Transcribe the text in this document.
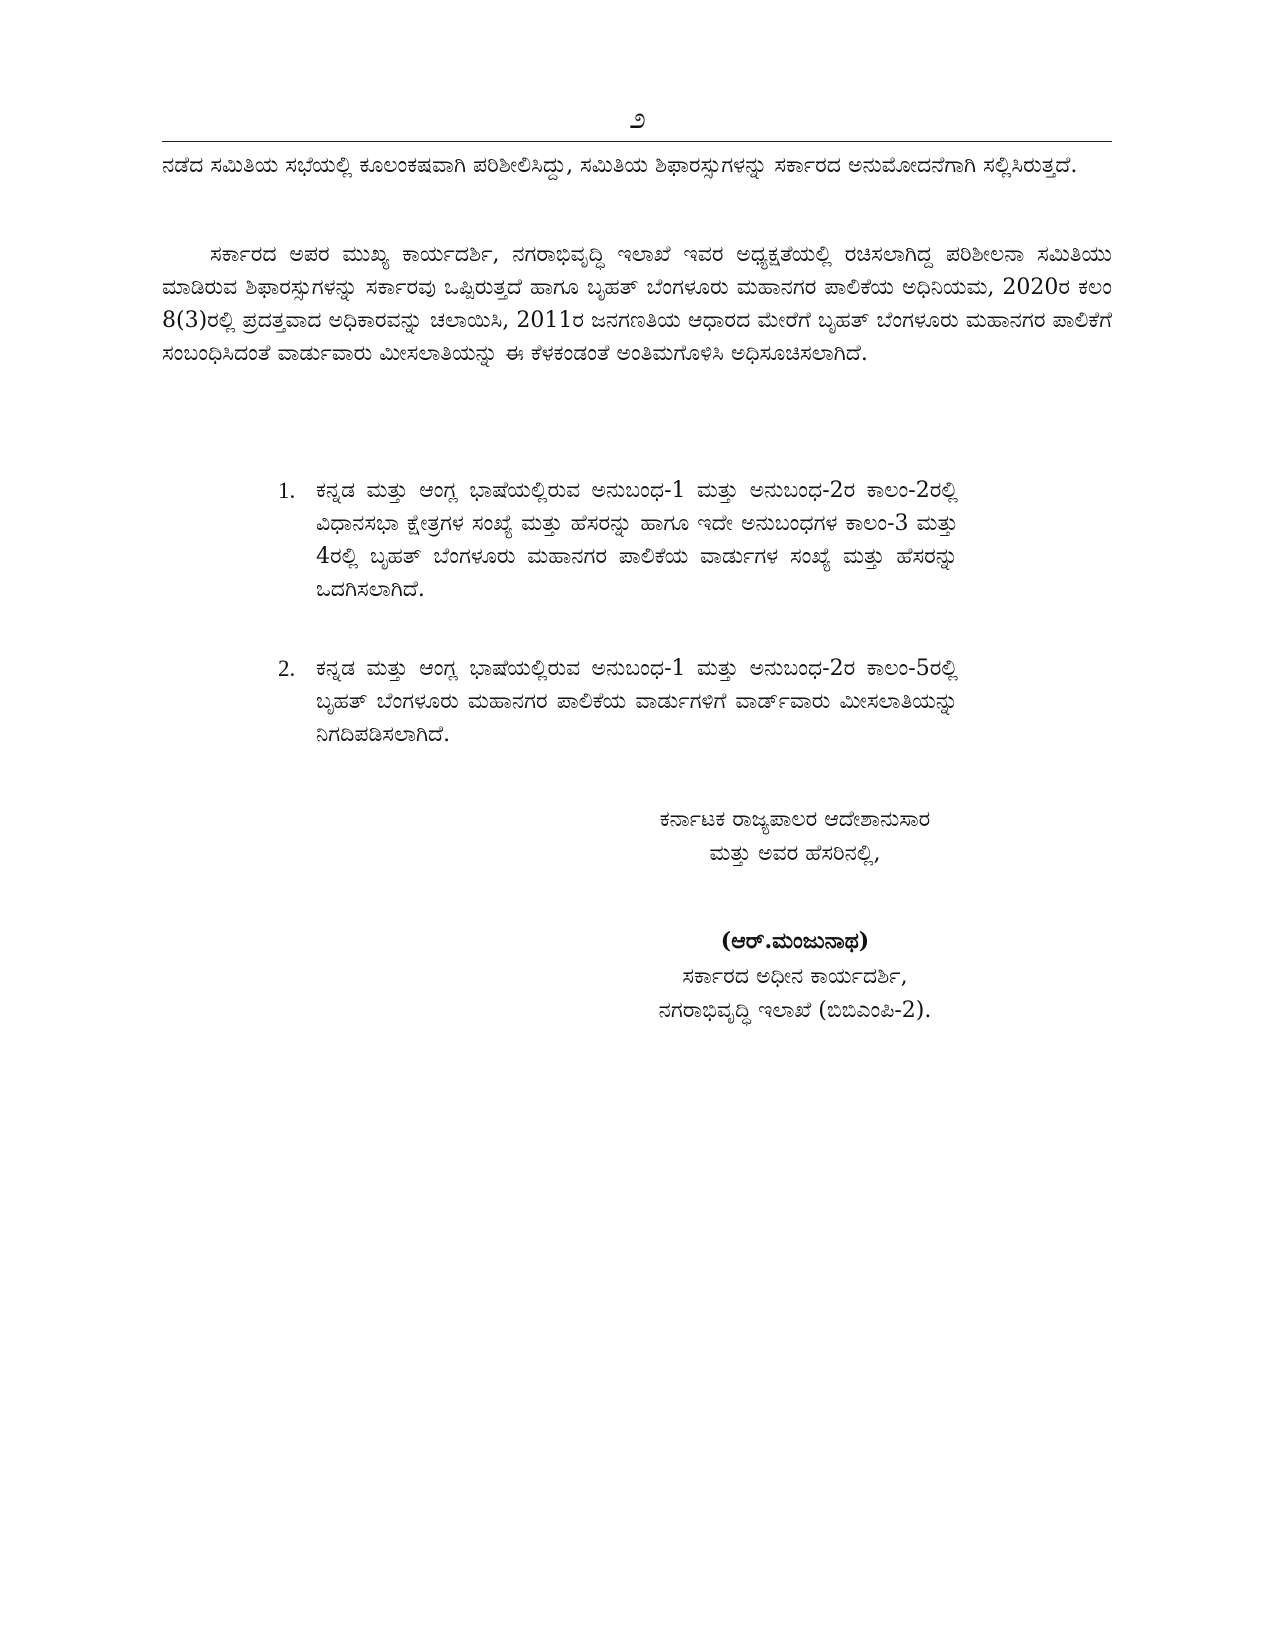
೨

ನಡೆದ ಸಮಿತಿಯ ಸಭೆಯಲ್ಲಿ ಕೂಲಂಕಷವಾಗಿ ಪರಿಶೀಲಿಸಿದ್ದು, ಸಮಿತಿಯ ಶಿಫಾರಸ್ಸುಗಳನ್ನು ಸರ್ಕಾರದ ಅನುಮೋದನೆಗಾಗಿ ಸಲ್ಲಿಸಿರುತ್ತದೆ.

ಸರ್ಕಾರದ ಅಪರ ಮುಖ್ಯ ಕಾರ್ಯದರ್ಶಿ, ನಗರಾಭಿವೃದ್ಧಿ ಇಲಾಖೆ ಇವರ ಅಧ್ಯಕ್ಷತೆಯಲ್ಲಿ ರಚಿಸಲಾಗಿದ್ದ ಪರಿಶೀಲನಾ ಸಮಿತಿಯು ಮಾಡಿರುವ ಶಿಫಾರಸ್ಸುಗಳನ್ನು ಸರ್ಕಾರವು ಒಪ್ಪಿರುತ್ತದೆ ಹಾಗೂ ಬೃಹತ್ ಬೆಂಗಳೂರು ಮಹಾನಗರ ಪಾಲಿಕೆಯ ಅಧಿನಿಯಮ, 2020ರ ಕಲಂ 8(3)ರಲ್ಲಿ ಪ್ರದತ್ತವಾದ ಅಧಿಕಾರವನ್ನು ಚಲಾಯಿಸಿ, 2011ರ ಜನಗಣತಿಯ ಆಧಾರದ ಮೇರೆಗೆ ಬೃಹತ್ ಬೆಂಗಳೂರು ಮಹಾನಗರ ಪಾಲಿಕೆಗೆ ಸಂಬಂಧಿಸಿದಂತೆ ವಾರ್ಡುವಾರು ಮೀಸಲಾತಿಯನ್ನು ಈ ಕೆಳಕಂಡಂತೆ ಅಂತಿಮಗೊಳಿಸಿ ಅಧಿಸೂಚಿಸಲಾಗಿದೆ.

1. ಕನ್ನಡ ಮತ್ತು ಆಂಗ್ಲ ಭಾಷೆಯಲ್ಲಿರುವ ಅನುಬಂಧ-1 ಮತ್ತು ಅನುಬಂಧ-2ರ ಕಾಲಂ-2ರಲ್ಲಿ ವಿಧಾನಸಭಾ ಕ್ಷೇತ್ರಗಳ ಸಂಖ್ಯೆ ಮತ್ತು ಹೆಸರನ್ನು ಹಾಗೂ ಇದೇ ಅನುಬಂಧಗಳ ಕಾಲಂ-3 ಮತ್ತು 4ರಲ್ಲಿ ಬೃಹತ್ ಬೆಂಗಳೂರು ಮಹಾನಗರ ಪಾಲಿಕೆಯ ವಾರ್ಡುಗಳ ಸಂಖ್ಯೆ ಮತ್ತು ಹೆಸರನ್ನು ಒದಗಿಸಲಾಗಿದೆ.
2. ಕನ್ನಡ ಮತ್ತು ಆಂಗ್ಲ ಭಾಷೆಯಲ್ಲಿರುವ ಅನುಬಂಧ-1 ಮತ್ತು ಅನುಬಂಧ-2ರ ಕಾಲಂ-5ರಲ್ಲಿ ಬೃಹತ್ ಬೆಂಗಳೂರು ಮಹಾನಗರ ಪಾಲಿಕೆಯ ವಾರ್ಡುಗಳಿಗೆ ವಾರ್ಡ್‌ವಾರು ಮೀಸಲಾತಿಯನ್ನು ನಿಗದಿಪಡಿಸಲಾಗಿದೆ.

ಕರ್ನಾಟಕ ರಾಜ್ಯಪಾಲರ ಆದೇಶಾನುಸಾರ

ಮತ್ತು ಅವರ ಹೆಸರಿನಲ್ಲಿ,

(ಆರ್.ಮಂಜುನಾಥ)

ಸರ್ಕಾರದ ಅಧೀನ ಕಾರ್ಯದರ್ಶಿ,

ನಗರಾಭಿವೃದ್ಧಿ ಇಲಾಖೆ (ಬಿಬಿಎಂಪಿ-2).
